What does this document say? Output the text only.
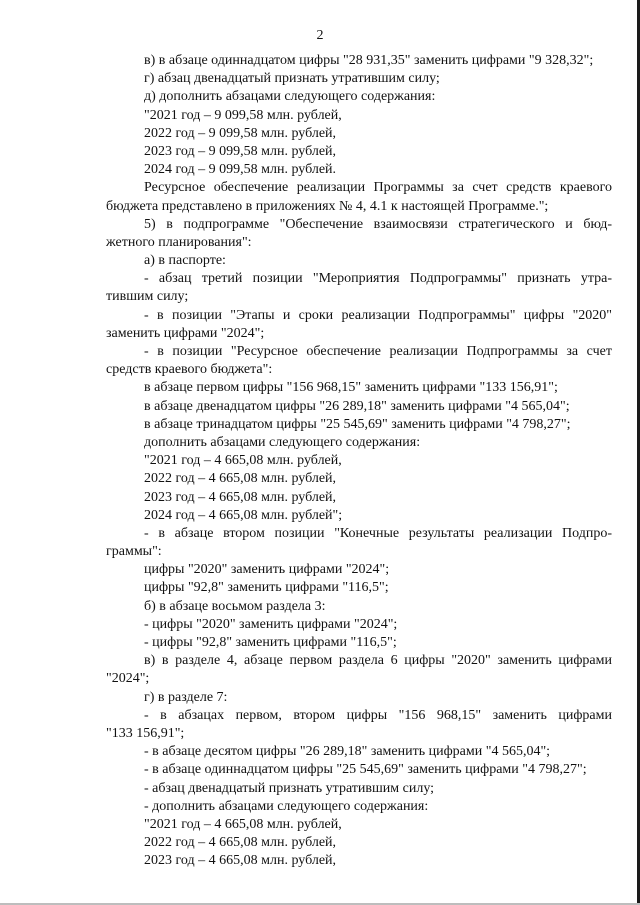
2
в) в абзаце одиннадцатом цифры "28 931,35" заменить цифрами "9 328,32";
г) абзац двенадцатый признать утратившим силу;
д) дополнить абзацами следующего содержания:
"2021 год – 9 099,58 млн. рублей,
2022 год – 9 099,58 млн. рублей,
2023 год – 9 099,58 млн. рублей,
2024 год – 9 099,58 млн. рублей.
Ресурсное обеспечение реализации Программы за счет средств краевого
бюджета представлено в приложениях № 4, 4.1 к настоящей Программе.";
5) в подпрограмме "Обеспечение взаимосвязи стратегического и бюд-
жетного планирования":
а) в паспорте:
- абзац третий позиции "Мероприятия Подпрограммы" признать утра-
тившим силу;
- в позиции "Этапы и сроки реализации Подпрограммы" цифры "2020"
заменить цифрами "2024";
- в позиции "Ресурсное обеспечение реализации Подпрограммы за счет
средств краевого бюджета":
в абзаце первом цифры "156 968,15" заменить цифрами "133 156,91";
в абзаце двенадцатом цифры "26 289,18" заменить цифрами "4 565,04";
в абзаце тринадцатом цифры "25 545,69" заменить цифрами "4 798,27";
дополнить абзацами следующего содержания:
"2021 год – 4 665,08 млн. рублей,
2022 год – 4 665,08 млн. рублей,
2023 год – 4 665,08 млн. рублей,
2024 год – 4 665,08 млн. рублей";
- в абзаце втором позиции "Конечные результаты реализации Подпро-
граммы":
цифры "2020" заменить цифрами "2024";
цифры "92,8" заменить цифрами "116,5";
б) в абзаце восьмом раздела 3:
- цифры "2020" заменить цифрами "2024";
- цифры "92,8" заменить цифрами "116,5";
в) в разделе 4, абзаце первом раздела 6 цифры "2020" заменить цифрами
"2024";
г) в разделе 7:
- в абзацах первом, втором цифры "156 968,15" заменить цифрами
"133 156,91";
- в абзаце десятом цифры "26 289,18" заменить цифрами "4 565,04";
- в абзаце одиннадцатом цифры "25 545,69" заменить цифрами "4 798,27";
- абзац двенадцатый признать утратившим силу;
- дополнить абзацами следующего содержания:
"2021 год – 4 665,08 млн. рублей,
2022 год – 4 665,08 млн. рублей,
2023 год – 4 665,08 млн. рублей,
